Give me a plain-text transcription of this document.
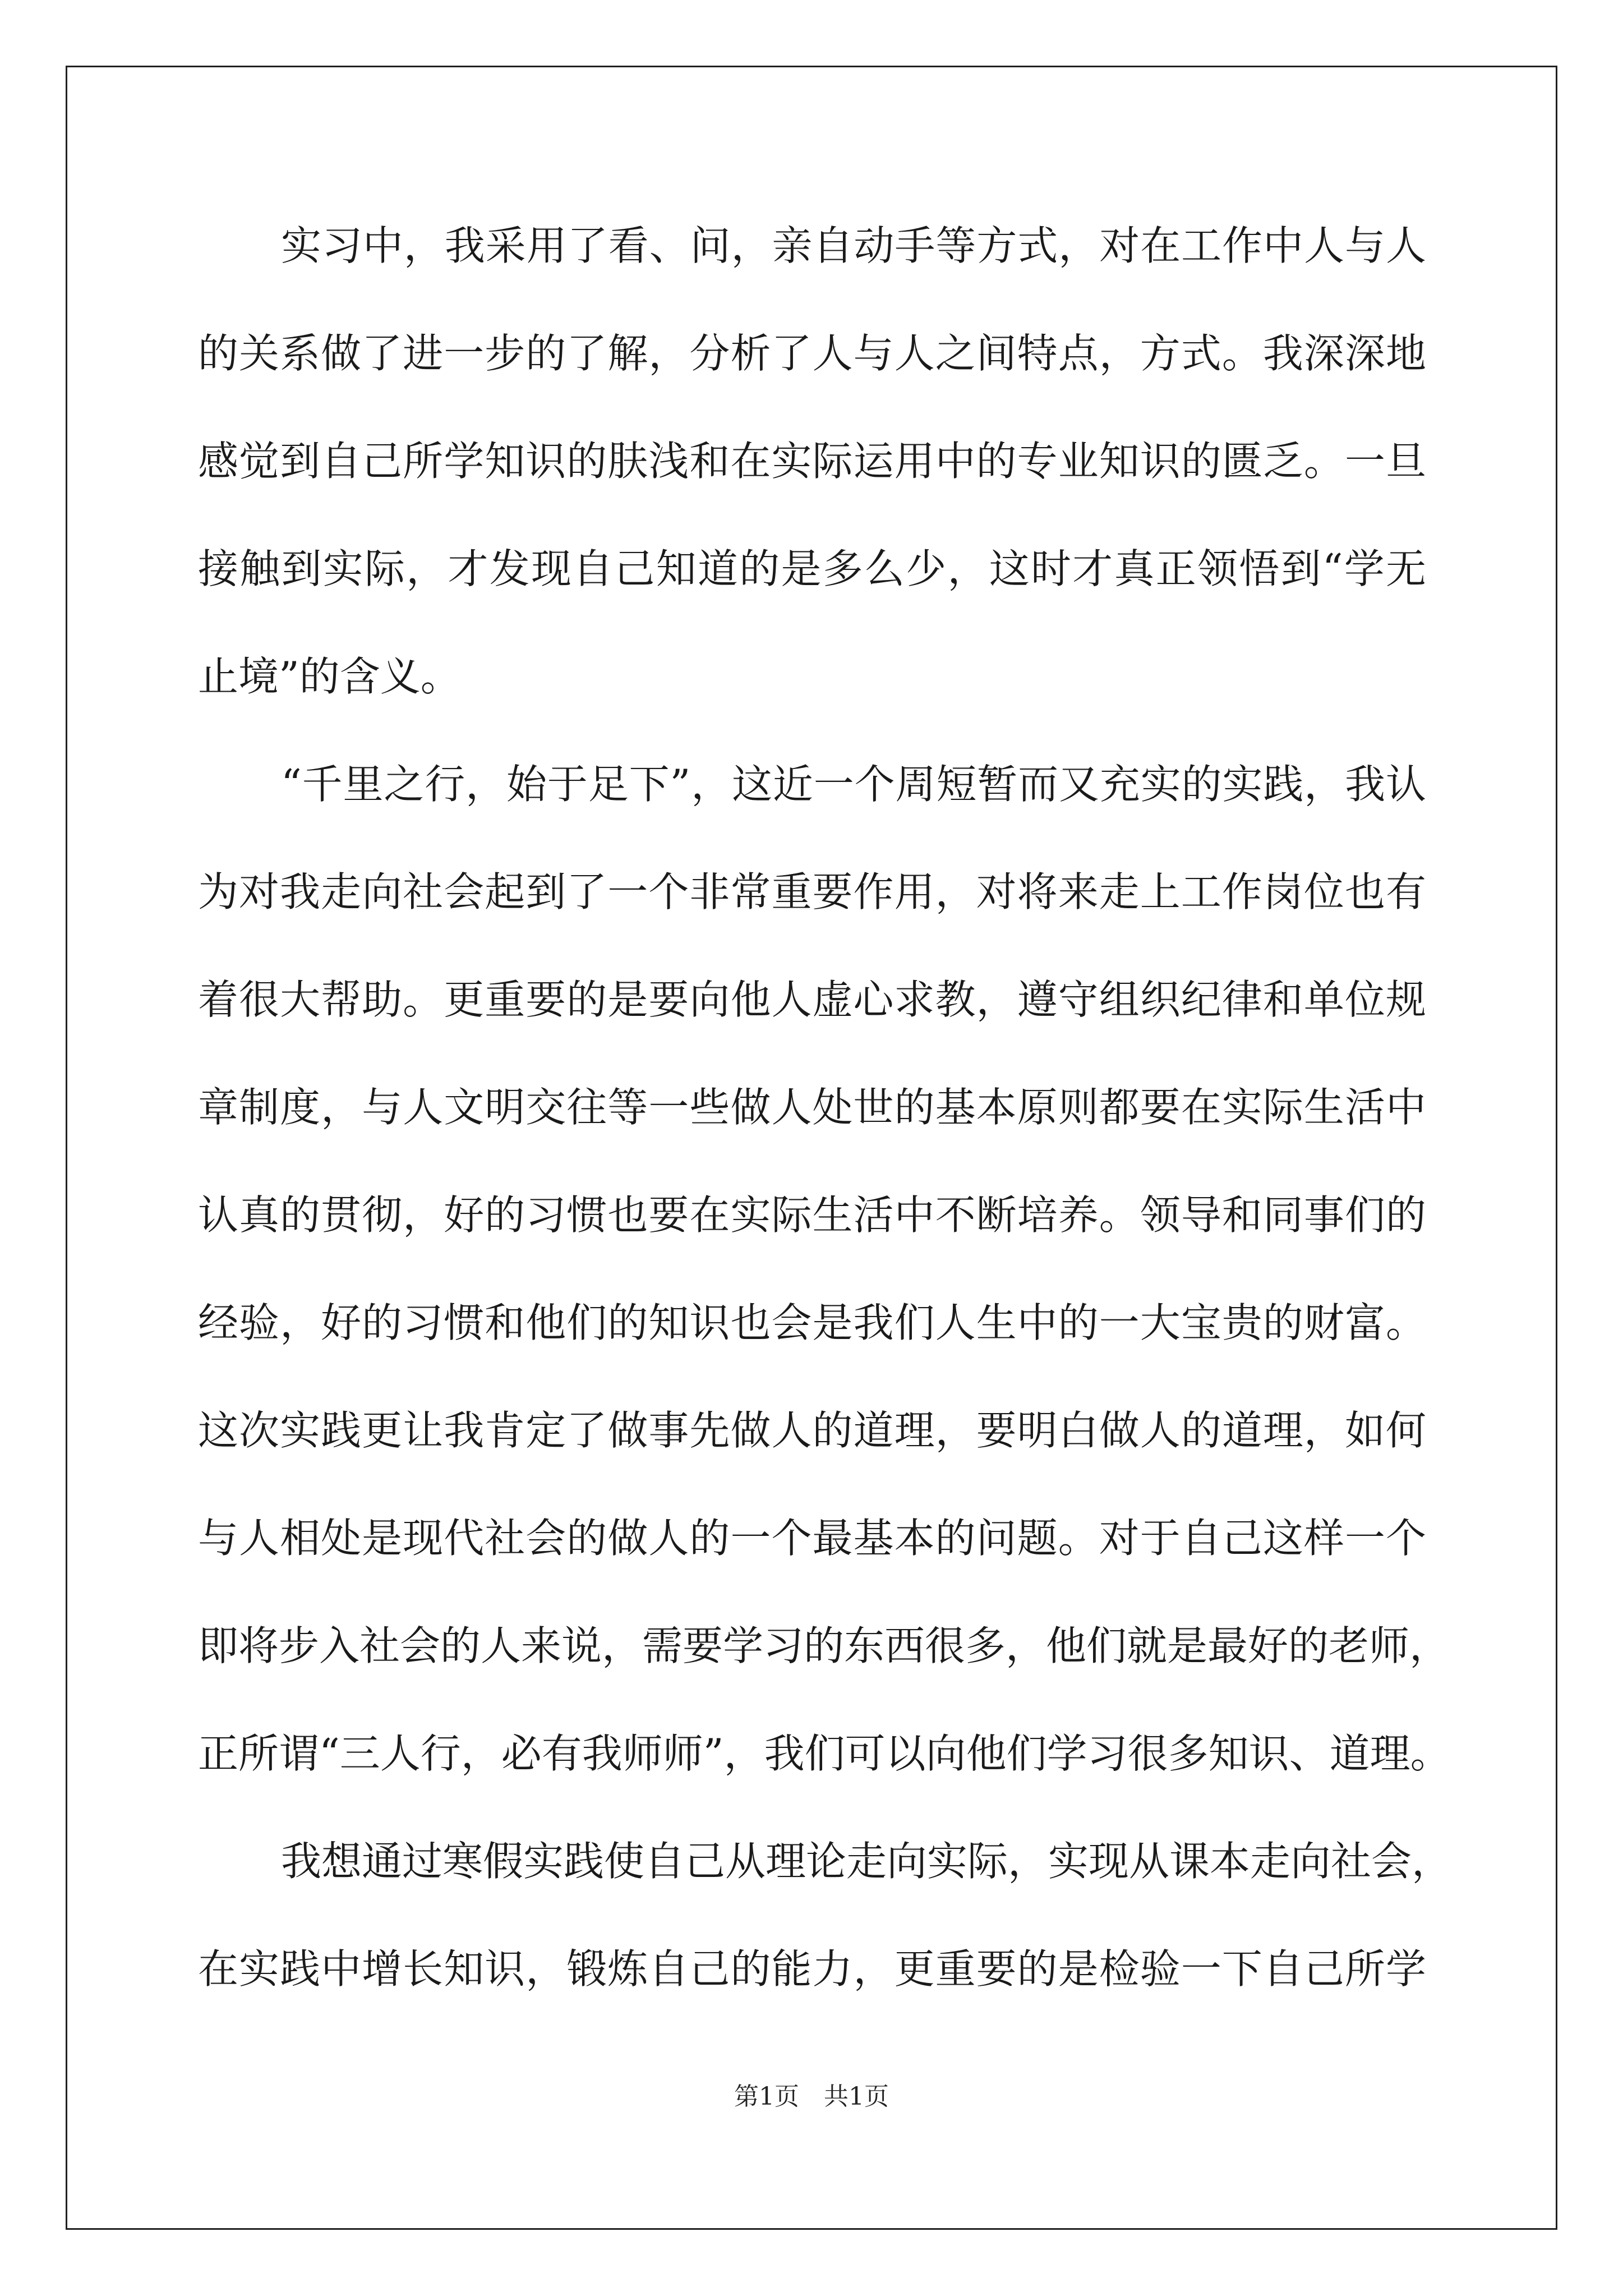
实习中，我采用了看、问，亲自动手等方式，对在工作中人与人
的关系做了进一步的了解，分析了人与人之间特点，方式。我深深地
感觉到自己所学知识的肤浅和在实际运用中的专业知识的匮乏。一旦
接触到实际，才发现自己知道的是多么少，这时才真正领悟到“学无
止境”的含义。
“千里之行，始于足下”，这近一个周短暂而又充实的实践，我认
为对我走向社会起到了一个非常重要作用，对将来走上工作岗位也有
着很大帮助。更重要的是要向他人虚心求教，遵守组织纪律和单位规
章制度，与人文明交往等一些做人处世的基本原则都要在实际生活中
认真的贯彻，好的习惯也要在实际生活中不断培养。领导和同事们的
经验，好的习惯和他们的知识也会是我们人生中的一大宝贵的财富。
这次实践更让我肯定了做事先做人的道理，要明白做人的道理，如何
与人相处是现代社会的做人的一个最基本的问题。对于自己这样一个
即将步入社会的人来说，需要学习的东西很多，他们就是最好的老师，
正所谓“三人行，必有我师师”，我们可以向他们学习很多知识、道理。
我想通过寒假实践使自己从理论走向实际，实现从课本走向社会，
在实践中增长知识，锻炼自己的能力，更重要的是检验一下自己所学
第1页　共1页
